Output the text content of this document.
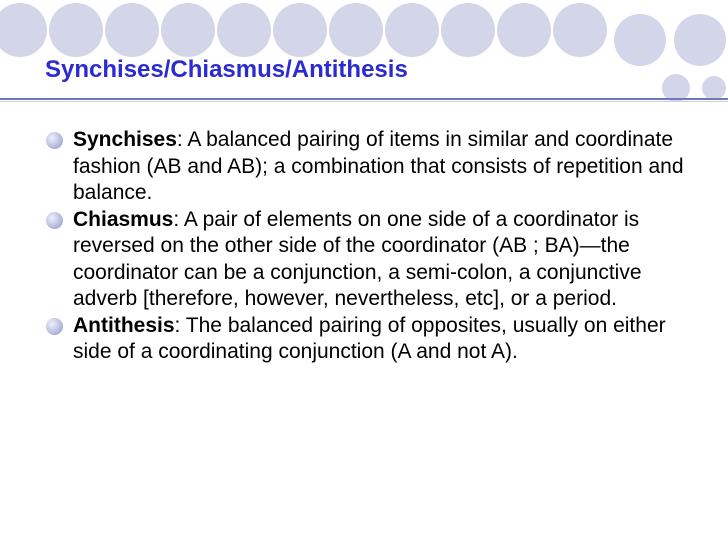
Synchises/Chiasmus/Antithesis
Synchises: A balanced pairing of items in similar and coordinate fashion (AB and AB); a combination that consists of repetition and balance.
Chiasmus: A pair of elements on one side of a coordinator is reversed on the other side of the coordinator (AB ; BA)—the coordinator can be a conjunction, a semi-colon, a conjunctive adverb [therefore, however, nevertheless, etc], or a period.
Antithesis: The balanced pairing of opposites, usually on either side of a coordinating conjunction (A and not A).
